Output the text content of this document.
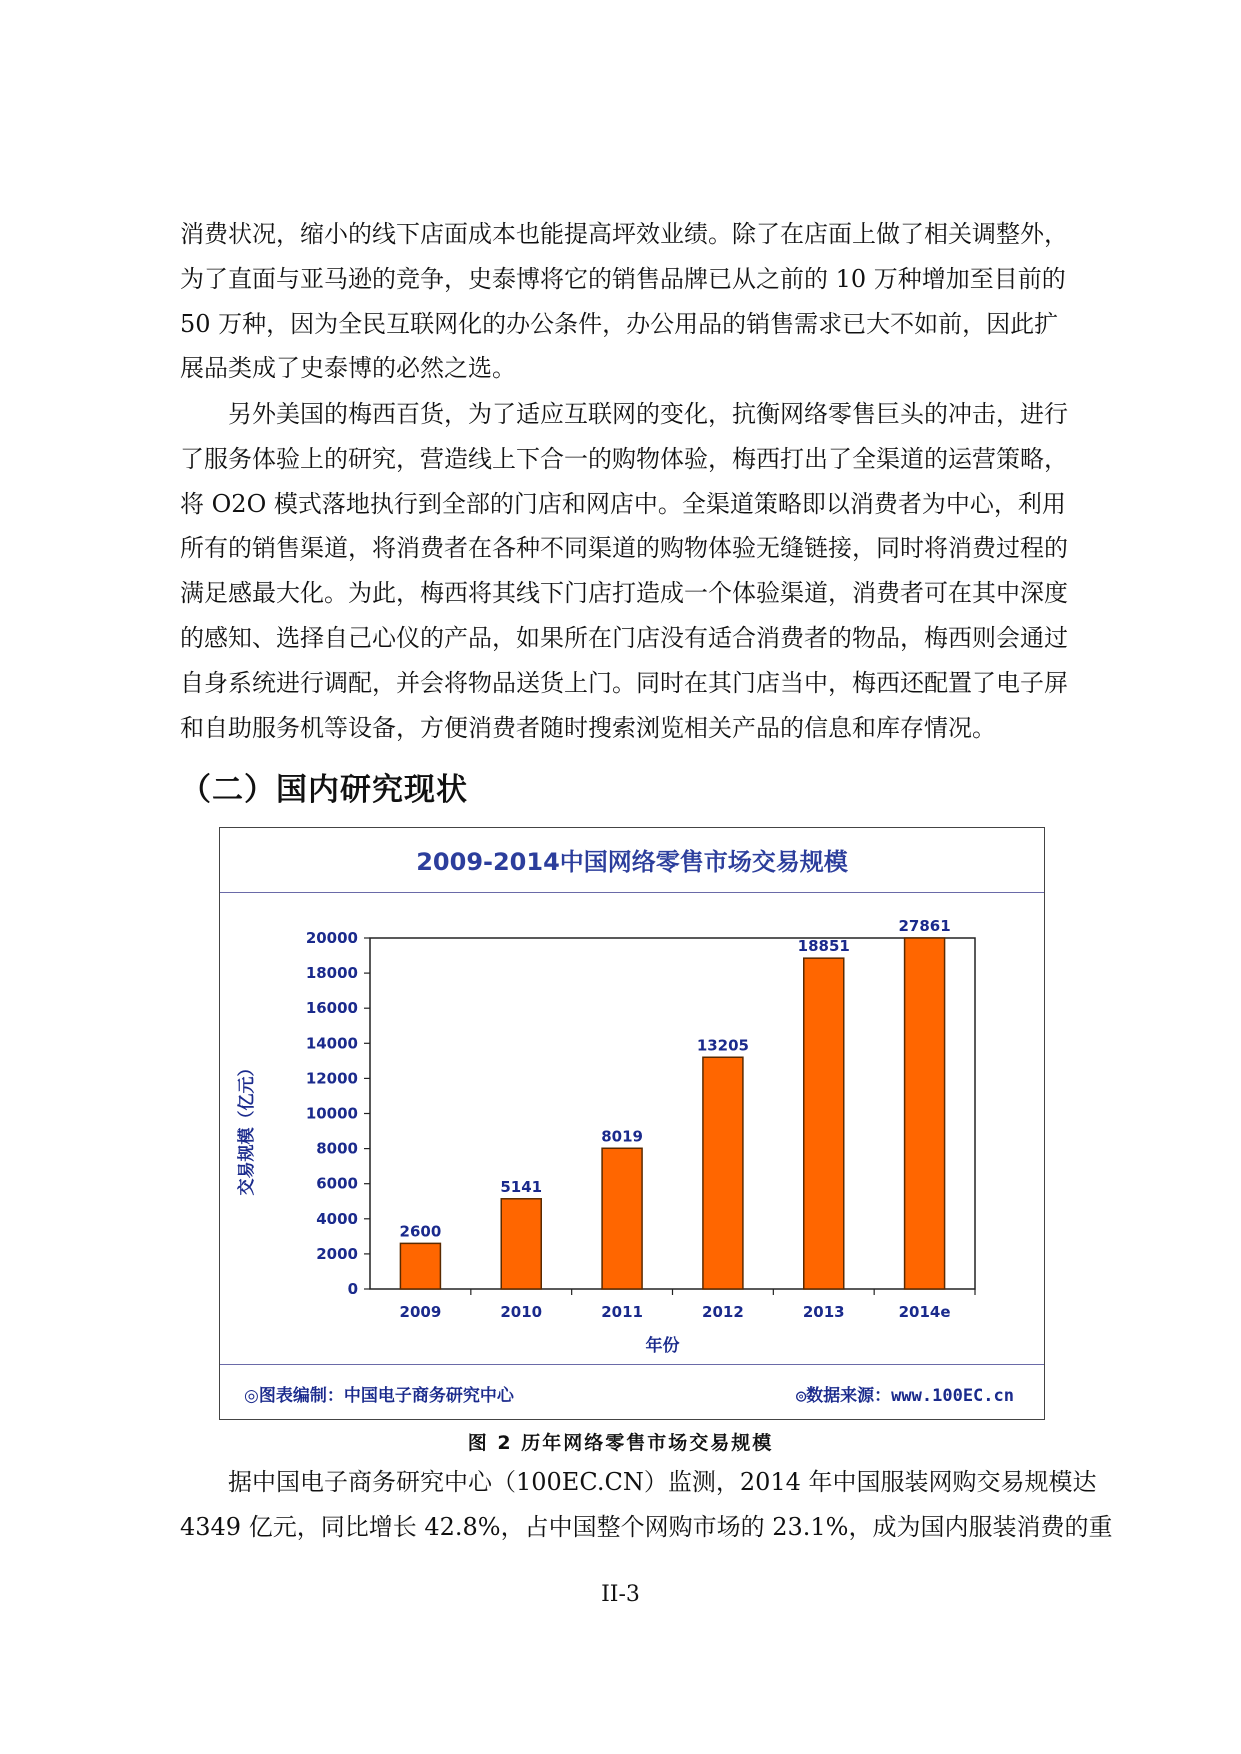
消费状况，缩小的线下店面成本也能提高坪效业绩。除了在店面上做了相关调整外，
为了直面与亚马逊的竞争，史泰博将它的销售品牌已从之前的 10 万种增加至目前的
50 万种，因为全民互联网化的办公条件，办公用品的销售需求已大不如前，因此扩
展品类成了史泰博的必然之选。
另外美国的梅西百货，为了适应互联网的变化，抗衡网络零售巨头的冲击，进行
了服务体验上的研究，营造线上下合一的购物体验，梅西打出了全渠道的运营策略，
将 O2O 模式落地执行到全部的门店和网店中。全渠道策略即以消费者为中心，利用
所有的销售渠道，将消费者在各种不同渠道的购物体验无缝链接，同时将消费过程的
满足感最大化。为此，梅西将其线下门店打造成一个体验渠道，消费者可在其中深度
的感知、选择自己心仪的产品，如果所在门店没有适合消费者的物品，梅西则会通过
自身系统进行调配，并会将物品送货上门。同时在其门店当中，梅西还配置了电子屏
和自助服务机等设备，方便消费者随时搜索浏览相关产品的信息和库存情况。
（二）国内研究现状
2009-2014中国网络零售市场交易规模
0
2000
4000
6000
8000
10000
12000
14000
16000
18000
20000
2600
2009
5141
2010
8019
2011
13205
2012
18851
2013
27861
2014e
年份
交易规模（亿元）
◎图表编制：中国电子商务研究中心	◎数据来源：www.100EC.cn

图 2 历年网络零售市场交易规模

据中国电子商务研究中心（100EC.CN）监测，2014 年中国服装网购交易规模达
4349 亿元，同比增长 42.8%，占中国整个网购市场的 23.1%，成为国内服装消费的重
II-3
